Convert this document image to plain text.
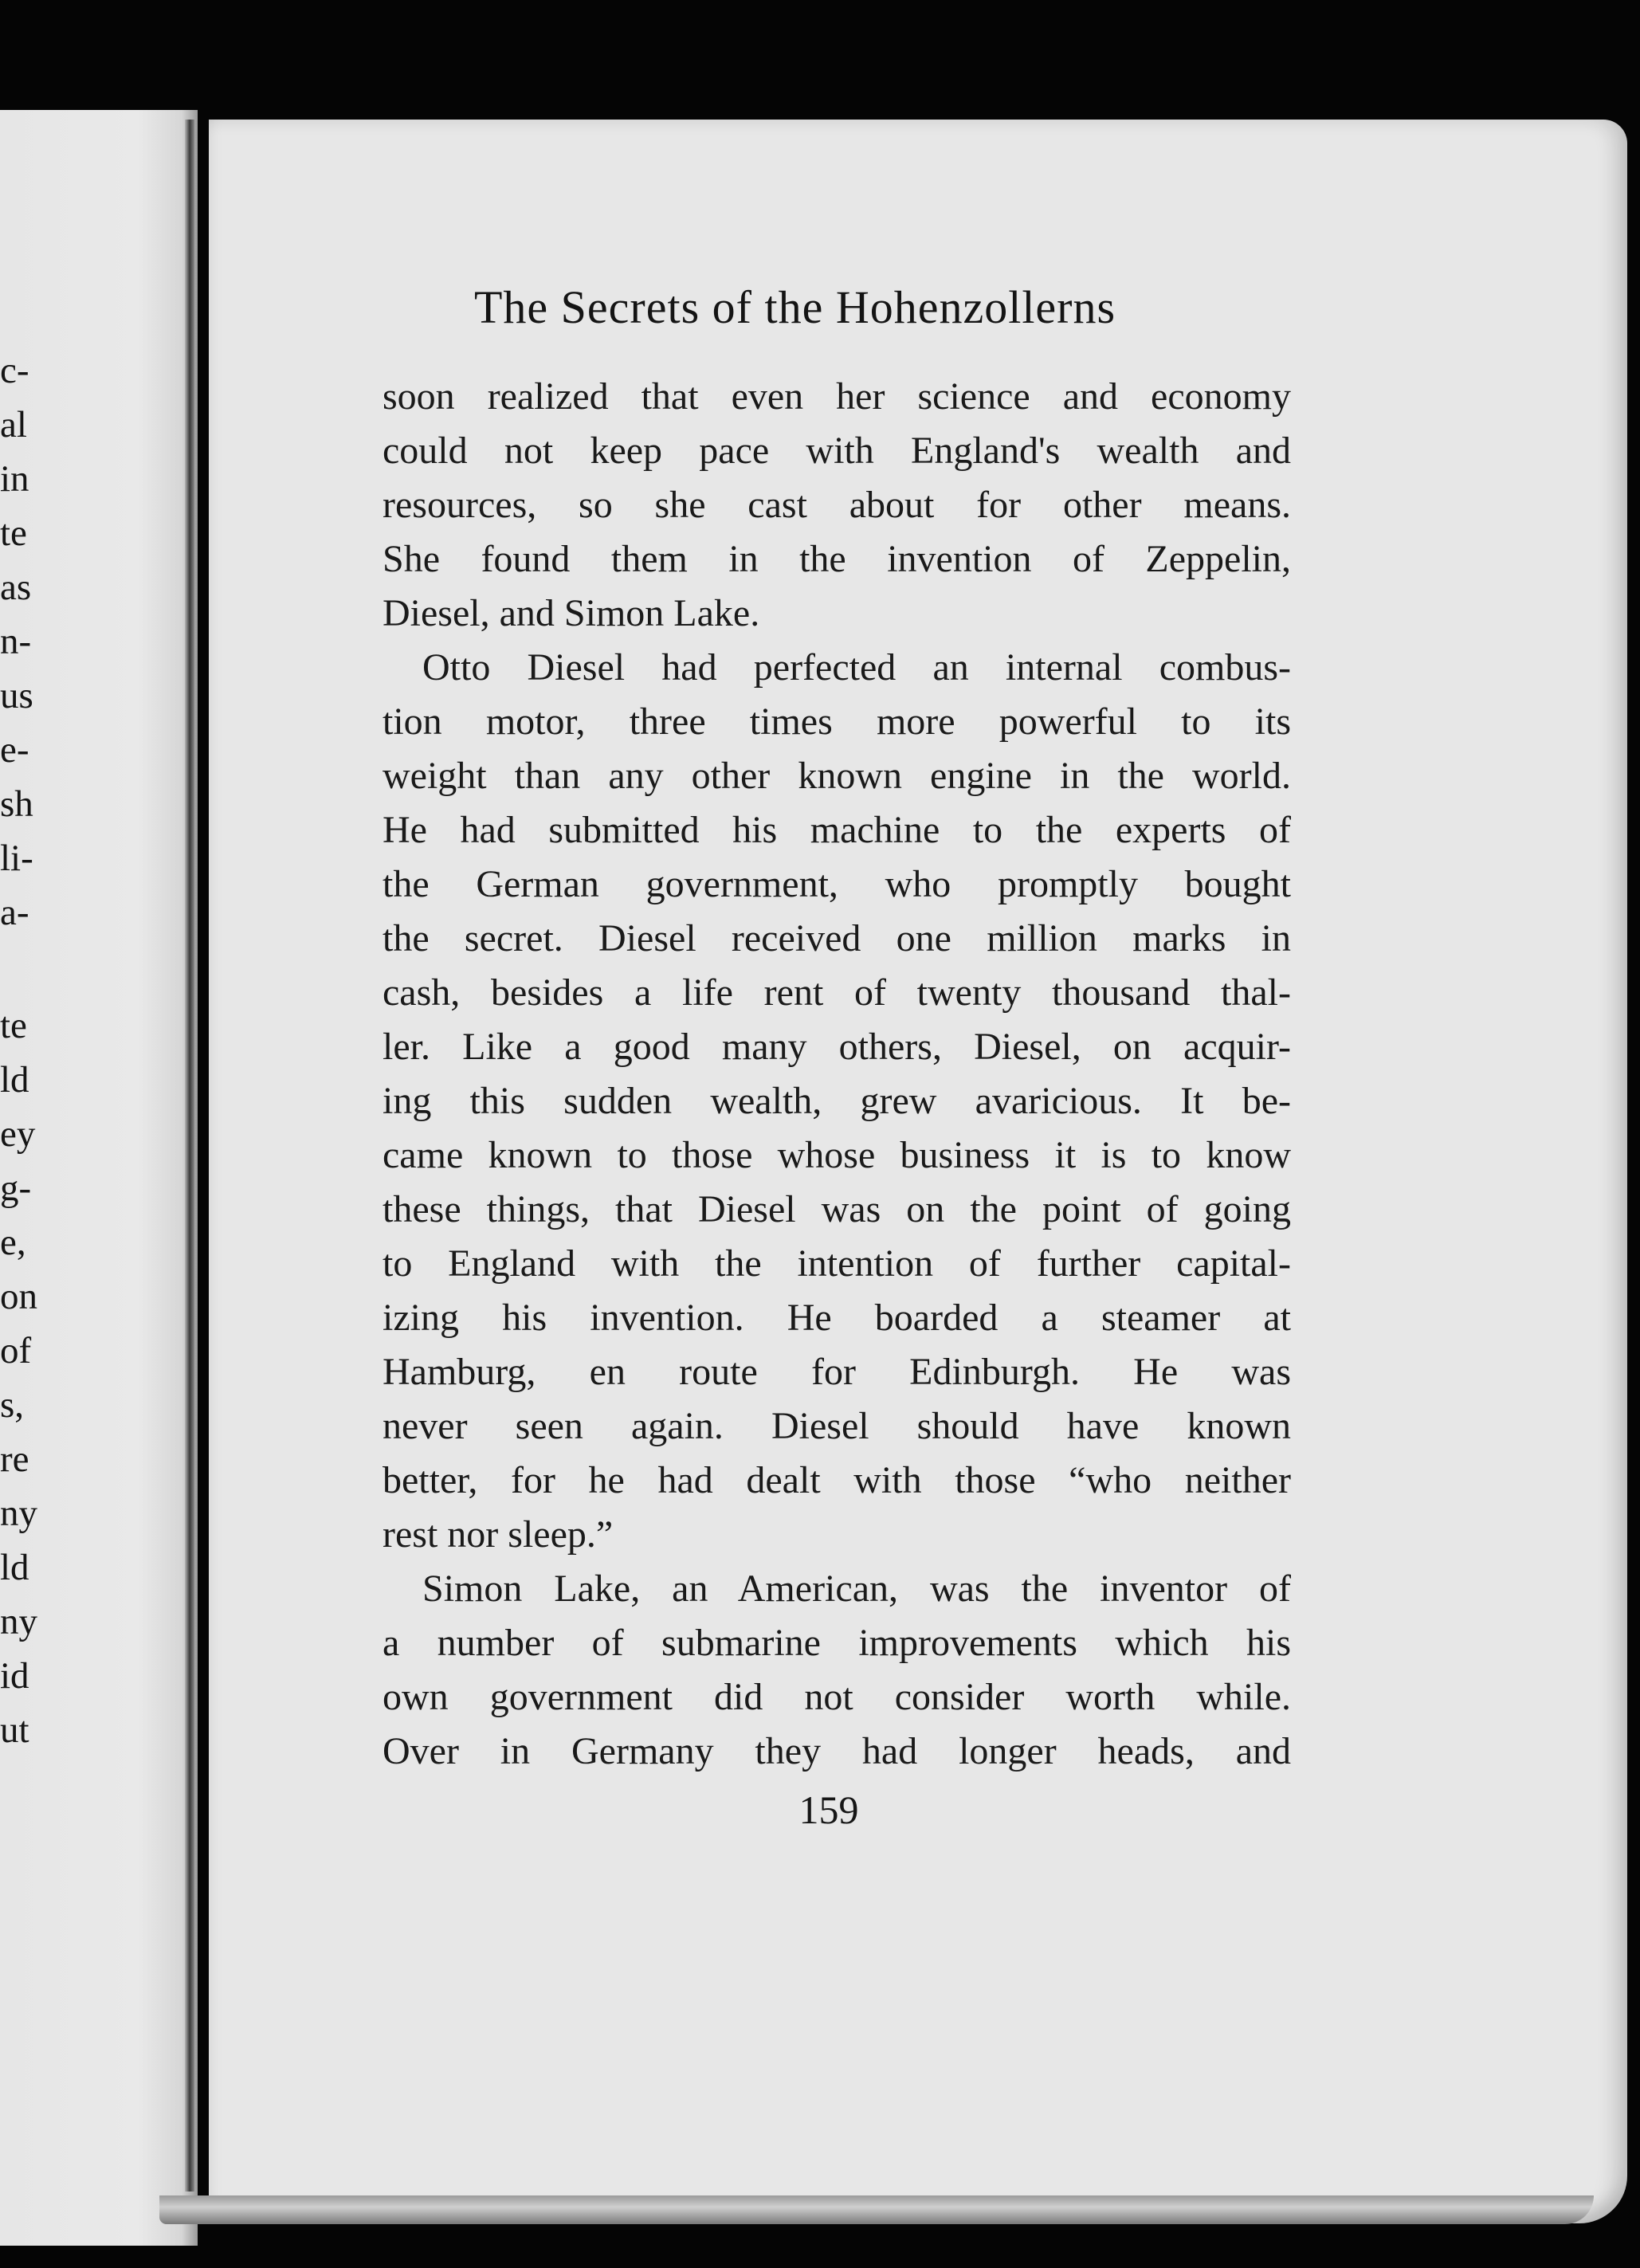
c-
al
in
te
as
n-
us
e-
sh
li-
a-
te
ld
ey
g-
e,
on
of
s,
re
ny
ld
ny
id
ut
The Secrets of the Hohenzollerns
soon realized that even her science and economy
could not keep pace with England's wealth and
resources, so she cast about for other means.
She found them in the invention of Zeppelin,
Diesel, and Simon Lake.
Otto Diesel had perfected an internal combus-
tion motor, three times more powerful to its
weight than any other known engine in the world.
He had submitted his machine to the experts of
the German government, who promptly bought
the secret. Diesel received one million marks in
cash, besides a life rent of twenty thousand thal-
ler. Like a good many others, Diesel, on acquir-
ing this sudden wealth, grew avaricious. It be-
came known to those whose business it is to know
these things, that Diesel was on the point of going
to England with the intention of further capital-
izing his invention. He boarded a steamer at
Hamburg, en route for Edinburgh. He was
never seen again. Diesel should have known
better, for he had dealt with those “who neither
rest nor sleep.”
Simon Lake, an American, was the inventor of
a number of submarine improvements which his
own government did not consider worth while.
Over in Germany they had longer heads, and
159
